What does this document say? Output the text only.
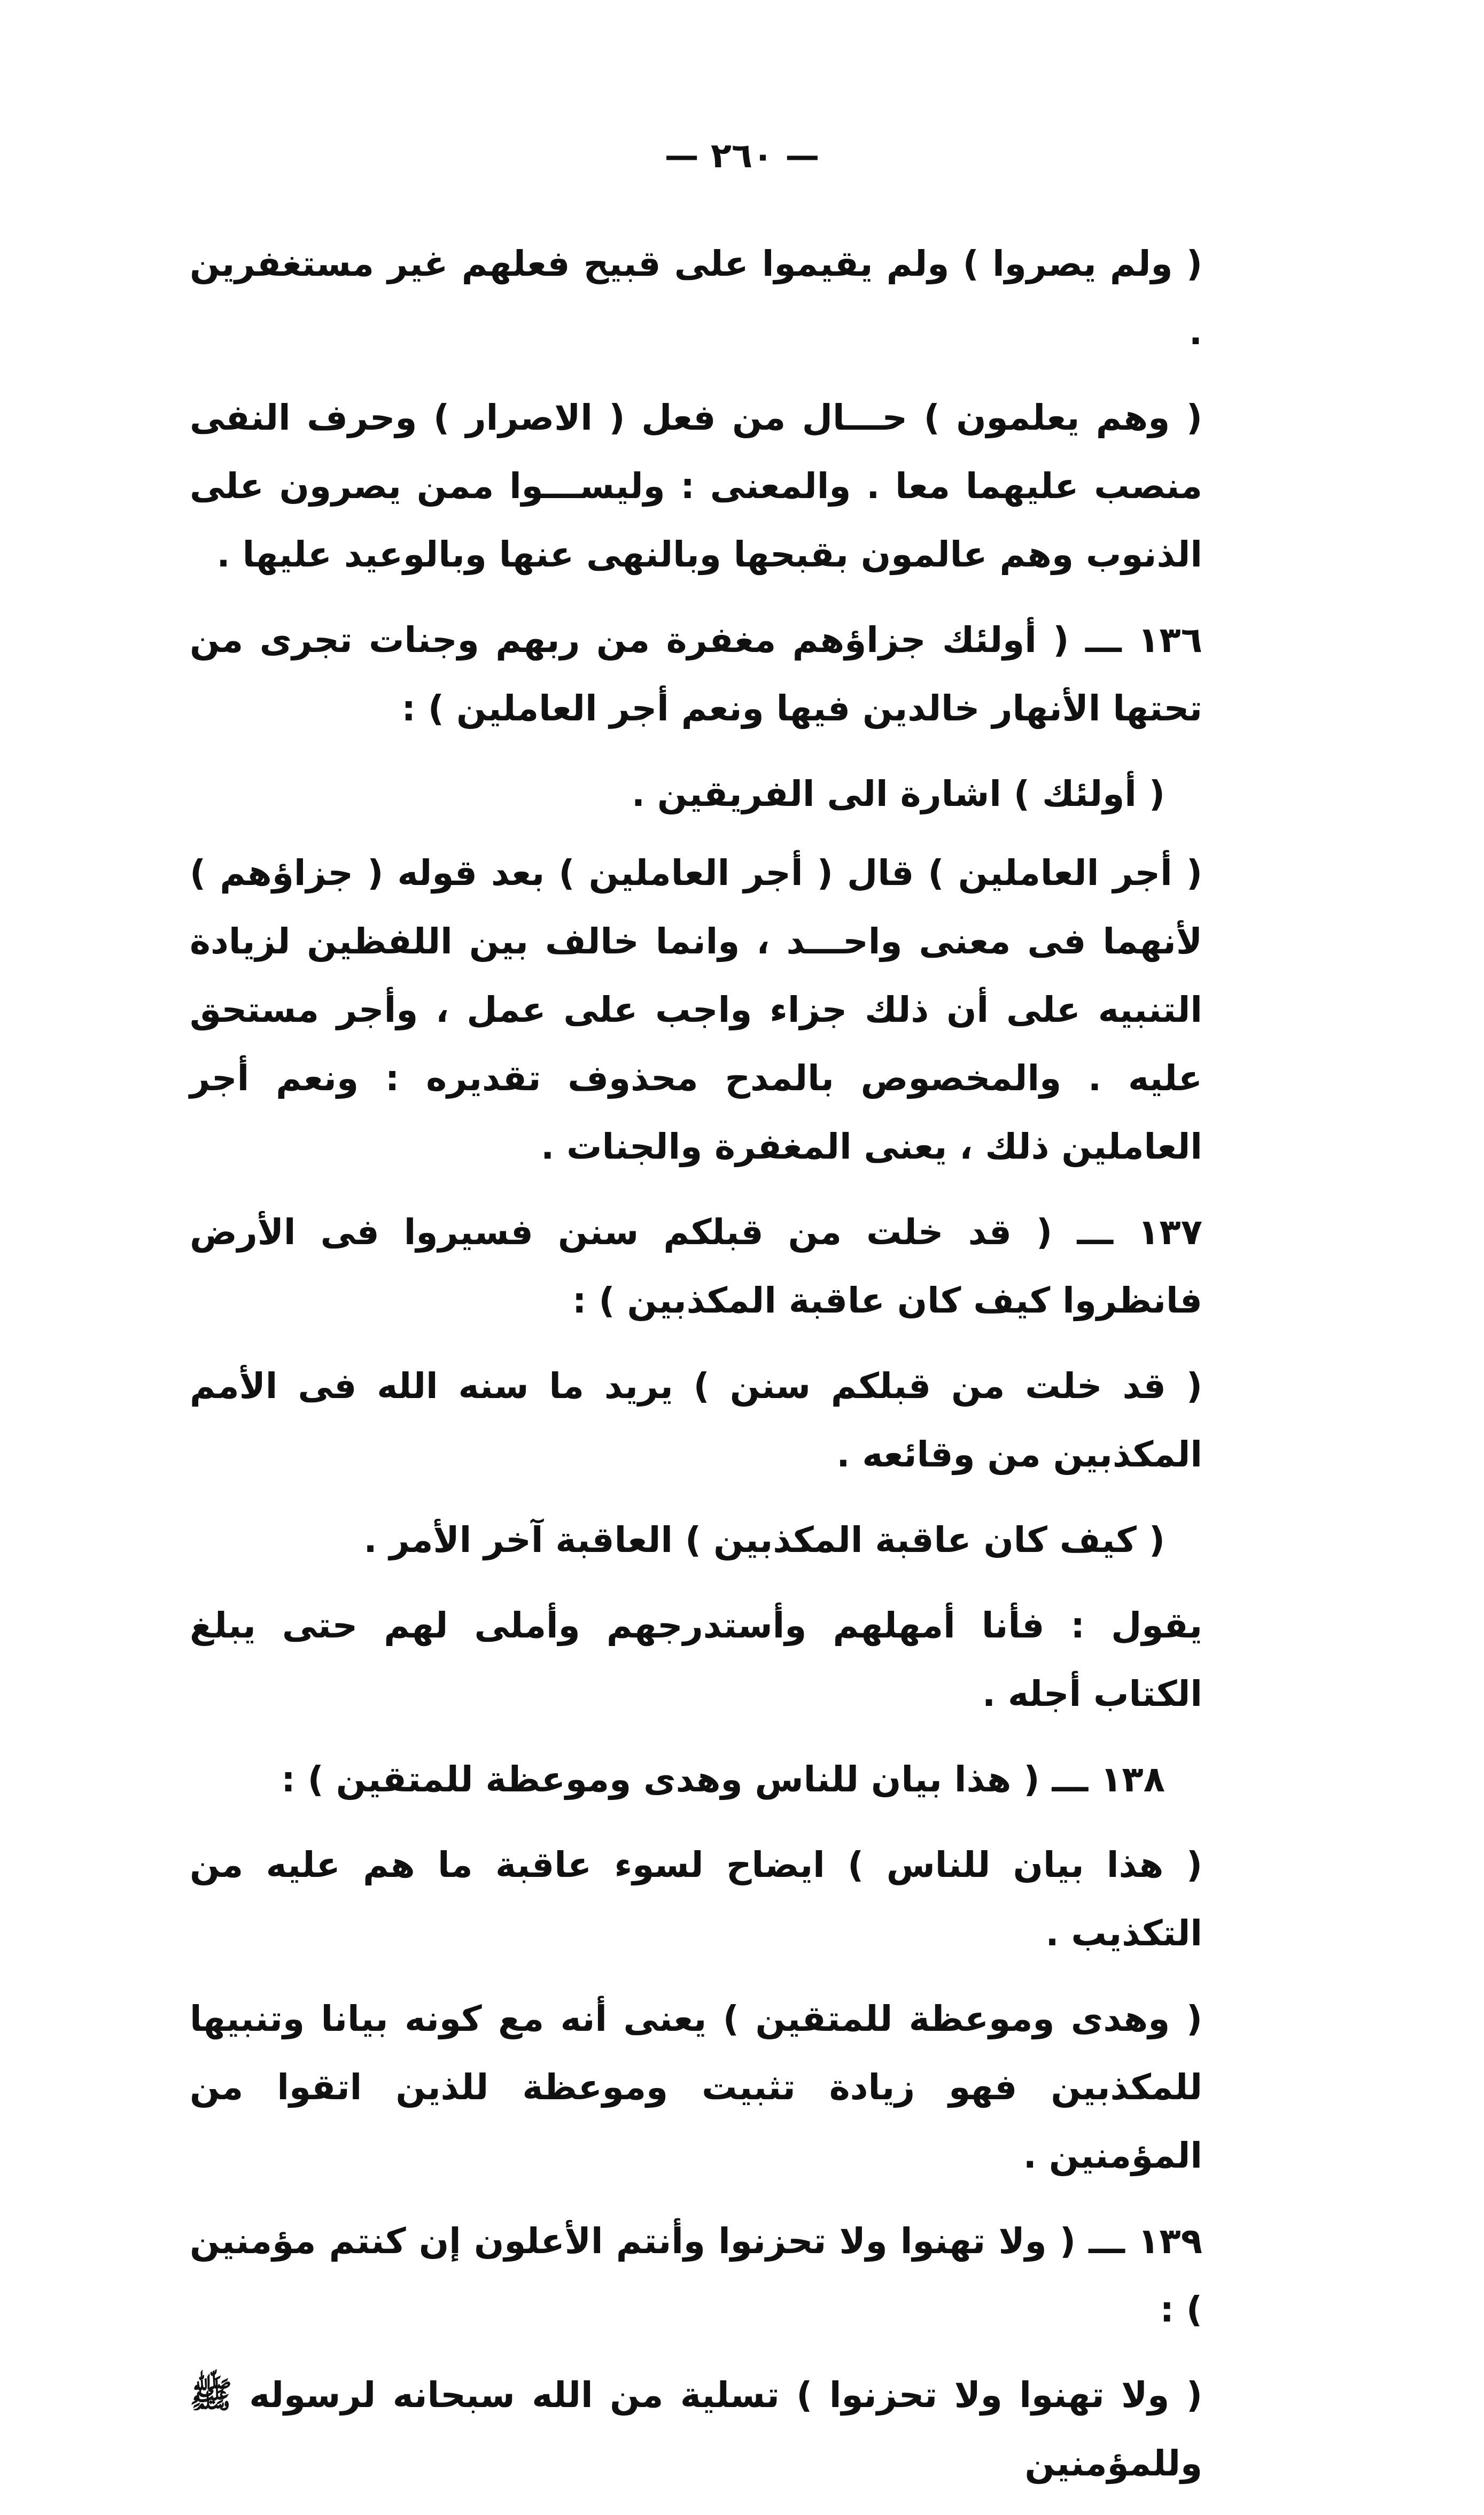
— ٢٦٠ —

( ولم يصروا ) ولم يقيموا على قبيح فعلهم غير مستغفرين .

( وهم يعلمون ) حـــال من فعل ( الاصرار ) وحرف النفى منصب عليهما معا . والمعنى : وليســـوا ممن يصرون على الذنوب وهم عالمون بقبحها وبالنهى عنها وبالوعيد عليها .

١٣٦ ـــ ( أولئك جزاؤهم مغفرة من ربهم وجنات تجرى من تحتها الأنهار خالدين فيها ونعم أجر العاملين ) :

( أولئك ) اشارة الى الفريقين .

( أجر العاملين ) قال ( أجر العاملين ) بعد قوله ( جزاؤهم ) لأنهما فى معنى واحـــد ، وانما خالف بين اللفظين لزيادة التنبيه على أن ذلك جزاء واجب على عمل ، وأجر مستحق عليه . والمخصوص بالمدح محذوف تقديره : ونعم أجر العاملين ذلك ، يعنى المغفرة والجنات .

١٣٧ ـــ ( قد خلت من قبلكم سنن فسيروا فى الأرض فانظروا كيف كان عاقبة المكذبين ) :

( قد خلت من قبلكم سنن ) يريد ما سنه الله فى الأمم المكذبين من وقائعه .

( كيف كان عاقبة المكذبين ) العاقبة آخر الأمر .

يقول : فأنا أمهلهم وأستدرجهم وأملى لهم حتى يبلغ الكتاب أجله .

١٣٨ ـــ ( هذا بيان للناس وهدى وموعظة للمتقين ) :

( هذا بيان للناس ) ايضاح لسوء عاقبة ما هم عليه من التكذيب .

( وهدى وموعظة للمتقين ) يعنى أنه مع كونه بيانا وتنبيها للمكذبين فهو زيادة تثبيت وموعظة للذين اتقوا من المؤمنين .

١٣٩ ـــ ( ولا تهنوا ولا تحزنوا وأنتم الأعلون إن كنتم مؤمنين ) :

( ولا تهنوا ولا تحزنوا ) تسلية من الله سبحانه لرسوله ﷺ وللمؤمنين
